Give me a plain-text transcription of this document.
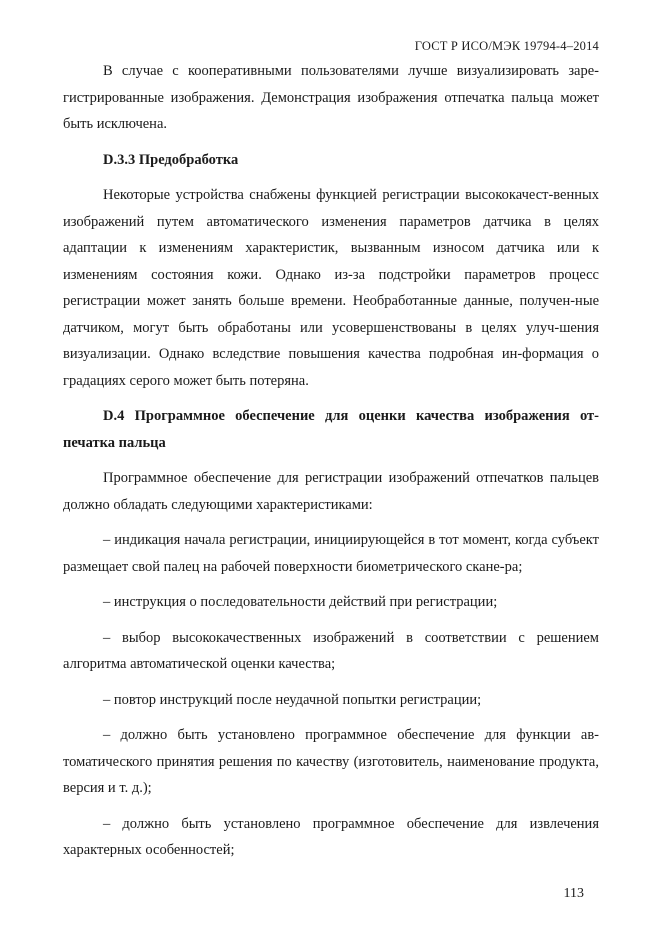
ГОСТ Р ИСО/МЭК 19794-4–2014

В случае с кооперативными пользователями лучше визуализировать заре-гистрированные изображения. Демонстрация изображения отпечатка пальца может быть исключена.

D.3.3 Предобработка

Некоторые устройства снабжены функцией регистрации высококачест-венных изображений путем автоматического изменения параметров датчика в целях адаптации к изменениям характеристик, вызванным износом датчика или к изменениям состояния кожи. Однако из-за подстройки параметров процесс регистрации может занять больше времени. Необработанные данные, получен-ные датчиком, могут быть обработаны или усовершенствованы в целях улуч-шения визуализации. Однако вследствие повышения качества подробная ин-формация о градациях серого может быть потеряна.

D.4 Программное обеспечение для оценки качества изображения от-печатка пальца

Программное обеспечение для регистрации изображений отпечатков пальцев должно обладать следующими характеристиками:

– индикация начала регистрации, инициирующейся в тот момент, когда субъект размещает свой палец на рабочей поверхности биометрического скане-ра;

– инструкция о последовательности действий при регистрации;

– выбор высококачественных изображений в соответствии с решением алгоритма автоматической оценки качества;

– повтор инструкций после неудачной попытки регистрации;

– должно быть установлено программное обеспечение для функции ав-томатического принятия решения по качеству (изготовитель, наименование продукта, версия и т. д.);

– должно быть установлено программное обеспечение для извлечения характерных особенностей;

113
